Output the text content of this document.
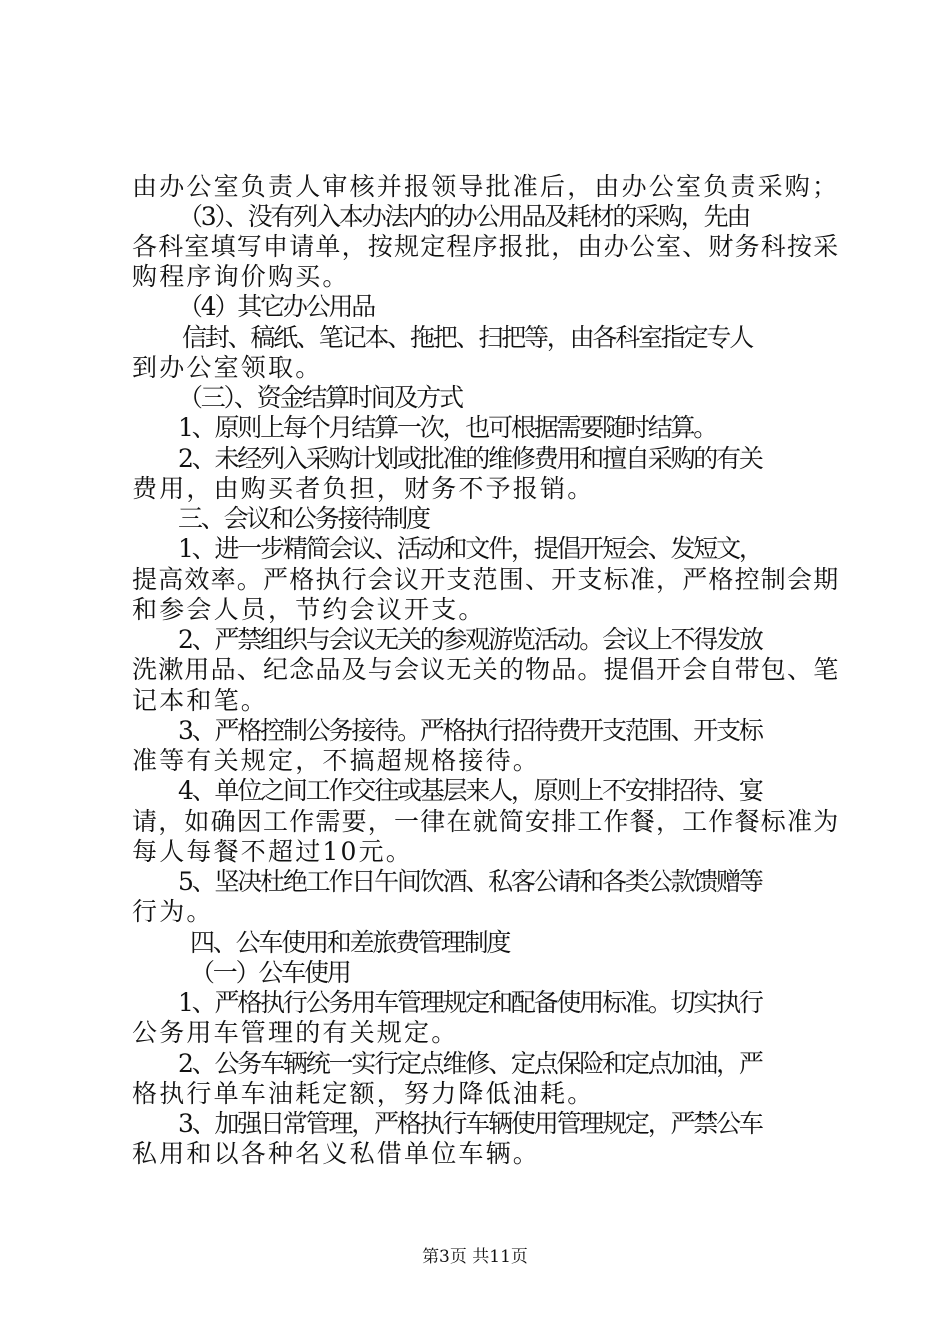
由办公室负责人审核并报领导批准后，由办公室负责采购；
（3）、没有列入本办法内的办公用品及耗材的采购，先由
各科室填写申请单，按规定程序报批，由办公室、财务科按采
购程序询价购买。
（4）其它办公用品
信封、稿纸、笔记本、拖把、扫把等，由各科室指定专人
到办公室领取。
（三）、资金结算时间及方式
1、原则上每个月结算一次，也可根据需要随时结算。
2、未经列入采购计划或批准的维修费用和擅自采购的有关
费用，由购买者负担，财务不予报销。
三、会议和公务接待制度
1、进一步精简会议、活动和文件，提倡开短会、发短文，
提高效率。严格执行会议开支范围、开支标准，严格控制会期
和参会人员，节约会议开支。
2、严禁组织与会议无关的参观游览活动。会议上不得发放
洗漱用品、纪念品及与会议无关的物品。提倡开会自带包、笔
记本和笔。
3、严格控制公务接待。严格执行招待费开支范围、开支标
准等有关规定，不搞超规格接待。
4、单位之间工作交往或基层来人，原则上不安排招待、宴
请，如确因工作需要，一律在就简安排工作餐，工作餐标准为
每人每餐不超过10元。
5、坚决杜绝工作日午间饮酒、私客公请和各类公款馈赠等
行为。
四、公车使用和差旅费管理制度
（一）公车使用
1、严格执行公务用车管理规定和配备使用标准。切实执行
公务用车管理的有关规定。
2、公务车辆统一实行定点维修、定点保险和定点加油，严
格执行单车油耗定额，努力降低油耗。
3、加强日常管理，严格执行车辆使用管理规定，严禁公车
私用和以各种名义私借单位车辆。
第3页 共11页
